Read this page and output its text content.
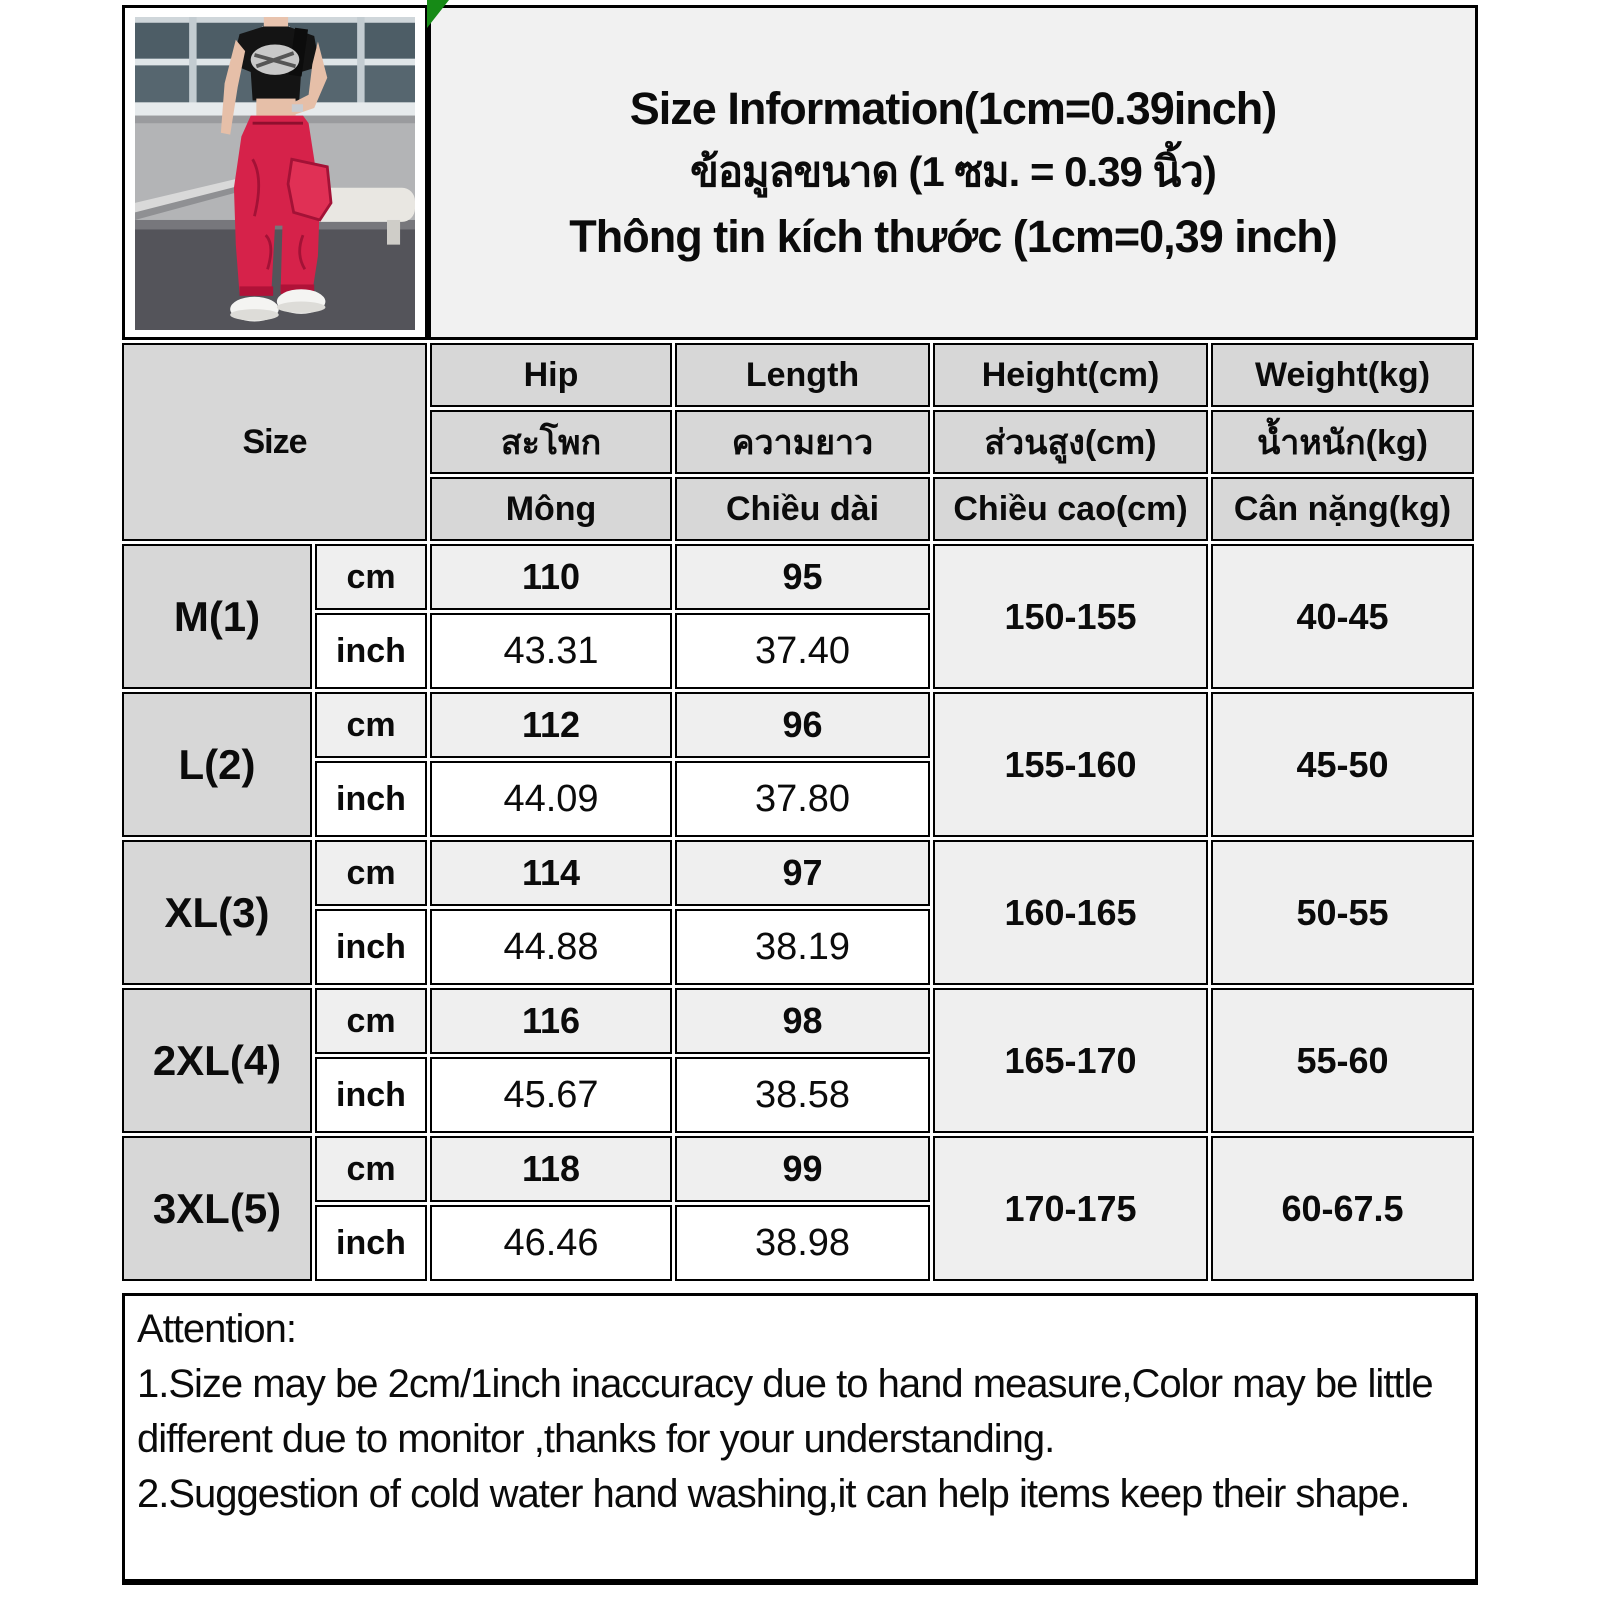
Size Information(1cm=0.39inch)
ข้อมูลขนาด (1 ซม. = 0.39 นิ้ว)
Thông tin kích thước (1cm=0,39 inch)
Size		Hip	Length	Height(cm)	Weight(kg)
		สะโพก	ความยาว	ส่วนสูง(cm)	น้ำหนัก(kg)
		Mông	Chiều dài	Chiều cao(cm)	Cân nặng(kg)
M(1)	cm	110	95	150-155	40-45
	inch	43.31	37.40		
L(2)	cm	112	96	155-160	45-50
	inch	44.09	37.80		
XL(3)	cm	114	97	160-165	50-55
	inch	44.88	38.19		
2XL(4)	cm	116	98	165-170	55-60
	inch	45.67	38.58		
3XL(5)	cm	118	99	170-175	60-67.5
	inch	46.46	38.98		

Attention:

1.Size may be 2cm/1inch inaccuracy due to hand measure,Color may be little different due to monitor ,thanks for your understanding.

2.Suggestion of cold water hand washing,it can help items keep their shape.
